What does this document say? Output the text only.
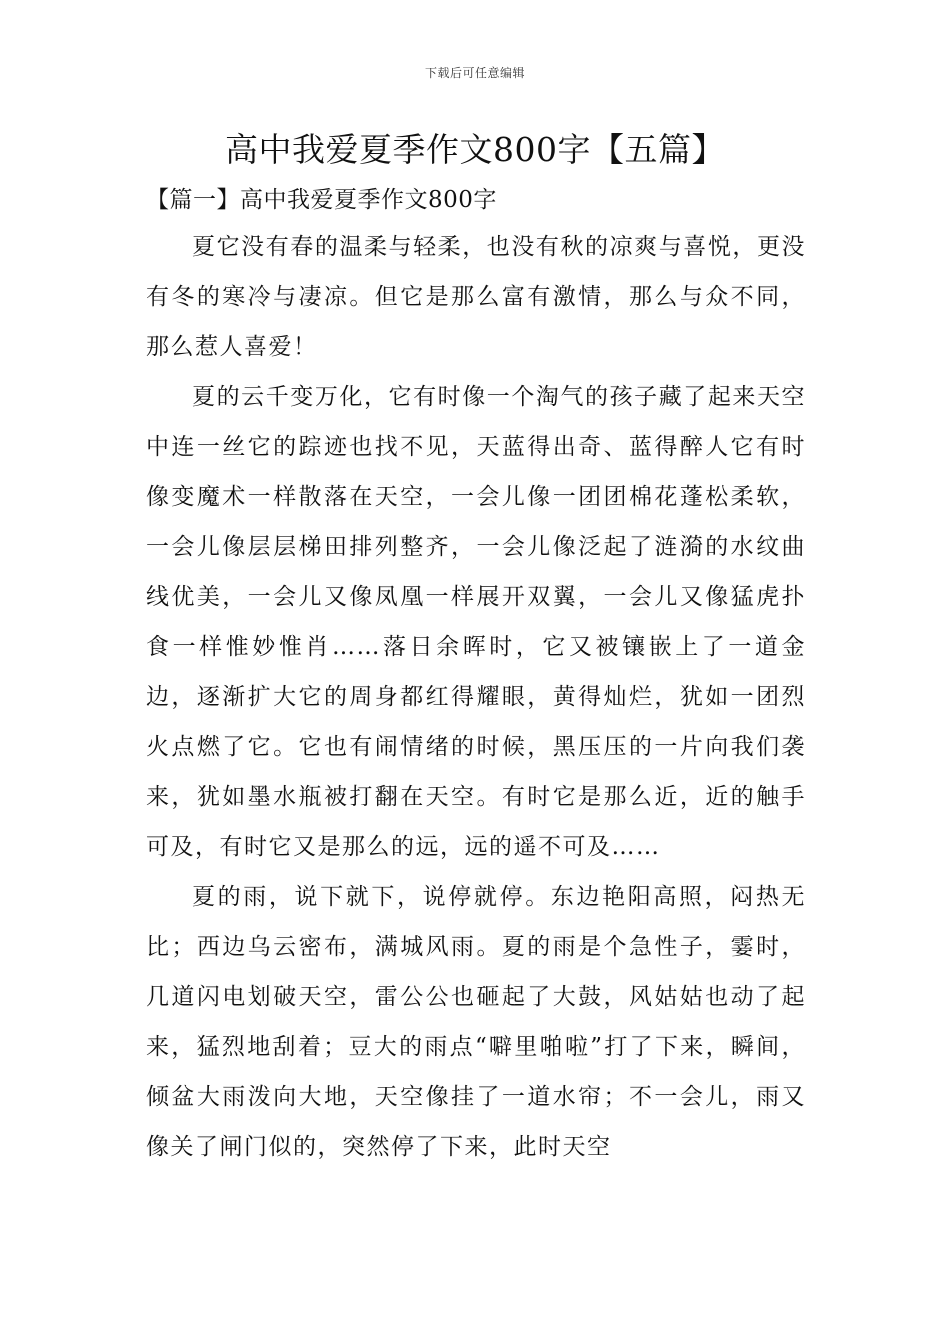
下载后可任意编辑
高中我爱夏季作文800字【五篇】
【篇一】高中我爱夏季作文800字

夏它没有春的温柔与轻柔，也没有秋的凉爽与喜悦，更没有冬的寒冷与凄凉。但它是那么富有激情，那么与众不同，那么惹人喜爱！

夏的云千变万化，它有时像一个淘气的孩子藏了起来天空中连一丝它的踪迹也找不见，天蓝得出奇、蓝得醉人它有时像变魔术一样散落在天空，一会儿像一团团棉花蓬松柔软，一会儿像层层梯田排列整齐，一会儿像泛起了涟漪的水纹曲线优美，一会儿又像凤凰一样展开双翼，一会儿又像猛虎扑食一样惟妙惟肖……落日余晖时，它又被镶嵌上了一道金边，逐渐扩大它的周身都红得耀眼，黄得灿烂，犹如一团烈火点燃了它。它也有闹情绪的时候，黑压压的一片向我们袭来，犹如墨水瓶被打翻在天空。有时它是那么近，近的触手可及，有时它又是那么的远，远的遥不可及……

夏的雨，说下就下，说停就停。东边艳阳高照，闷热无比；西边乌云密布，满城风雨。夏的雨是个急性子，霎时，几道闪电划破天空，雷公公也砸起了大鼓，风姑姑也动了起来，猛烈地刮着；豆大的雨点“噼里啪啦”打了下来，瞬间，倾盆大雨泼向大地，天空像挂了一道水帘；不一会儿，雨又像关了闸门似的，突然停了下来，此时天空
